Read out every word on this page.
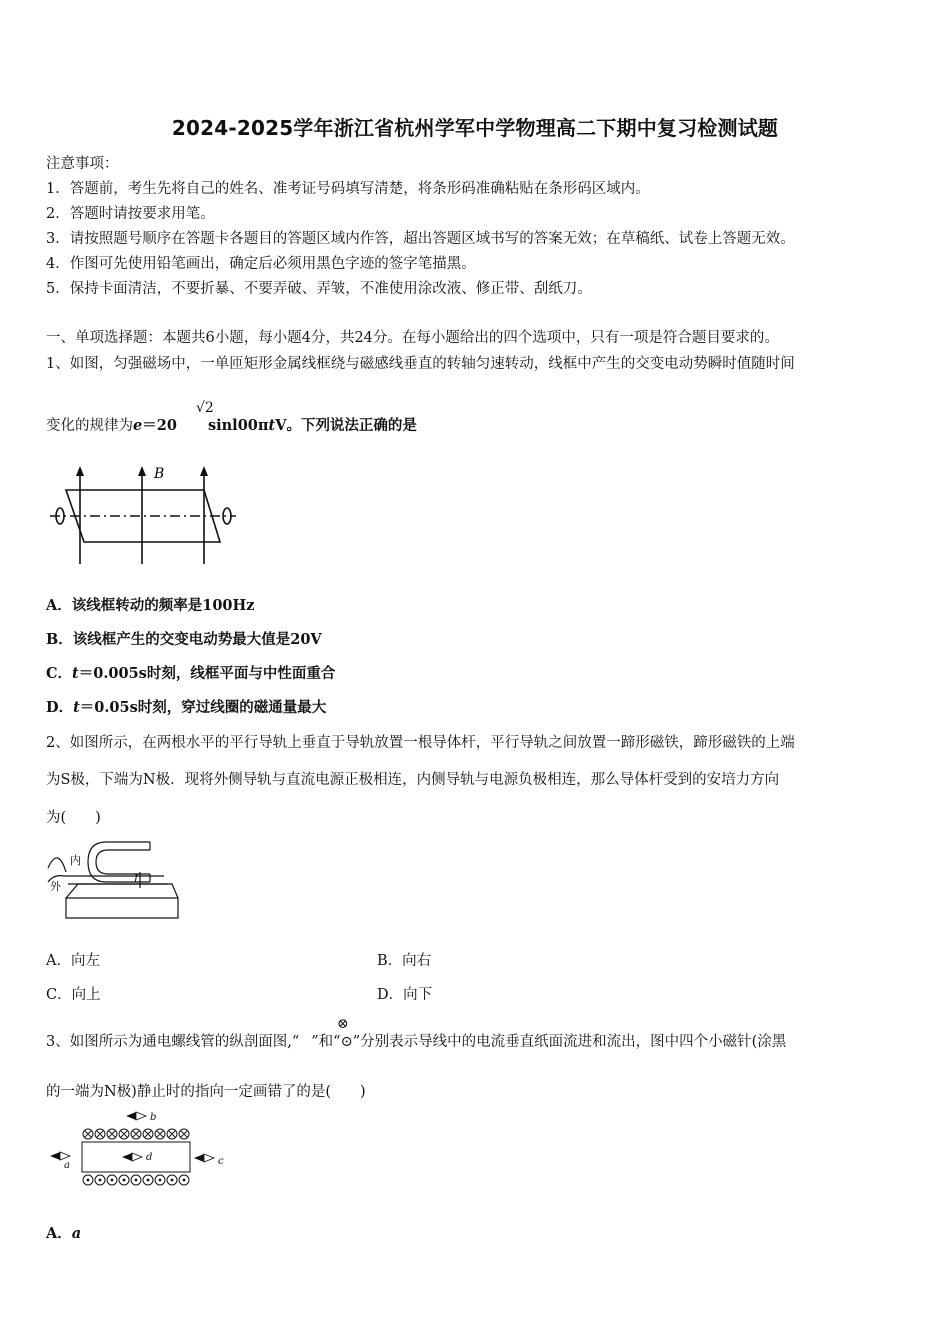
2024-2025学年浙江省杭州学军中学物理高二下期中复习检测试题
注意事项：
1．答题前，考生先将自己的姓名、准考证号码填写清楚，将条形码准确粘贴在条形码区域内。
2．答题时请按要求用笔。
3．请按照题号顺序在答题卡各题目的答题区域内作答，超出答题区域书写的答案无效；在草稿纸、试卷上答题无效。
4．作图可先使用铅笔画出，确定后必须用黑色字迹的签字笔描黑。
5．保持卡面清洁，不要折暴、不要弄破、弄皱，不准使用涂改液、修正带、刮纸刀。
一、单项选择题：本题共6小题，每小题4分，共24分。在每小题给出的四个选项中，只有一项是符合题目要求的。
1、如图，匀强磁场中，一单匝矩形金属线框绕与磁感线垂直的转轴匀速转动，线框中产生的交变电动势瞬时值随时间
变化的规律为e＝20 sinl00πtV。下列说法正确的是
√2
B
A．该线框转动的频率是100Hz
B．该线框产生的交变电动势最大值是20V
C．t＝0.005s时刻，线框平面与中性面重合
D．t＝0.05s时刻，穿过线圈的磁通量最大
2、如图所示，在两根水平的平行导轨上垂直于导轨放置一根导体杆，平行导轨之间放置一蹄形磁铁，蹄形磁铁的上端
为S极，下端为N极．现将外侧导轨与直流电源正极相连，内侧导轨与电源负极相连，那么导体杆受到的安培力方向
为(　　)
内
外
I
A．向左	B．向右
C．向上	D．向下
⊗
3、如图所示为通电螺线管的纵剖面图,“ ”和“⊙”分别表示导线中的电流垂直纸面流进和流出，图中四个小磁针(涂黑
的一端为N极)静止时的指向一定画错了的是(　　)
b
a
d	c
A．a
